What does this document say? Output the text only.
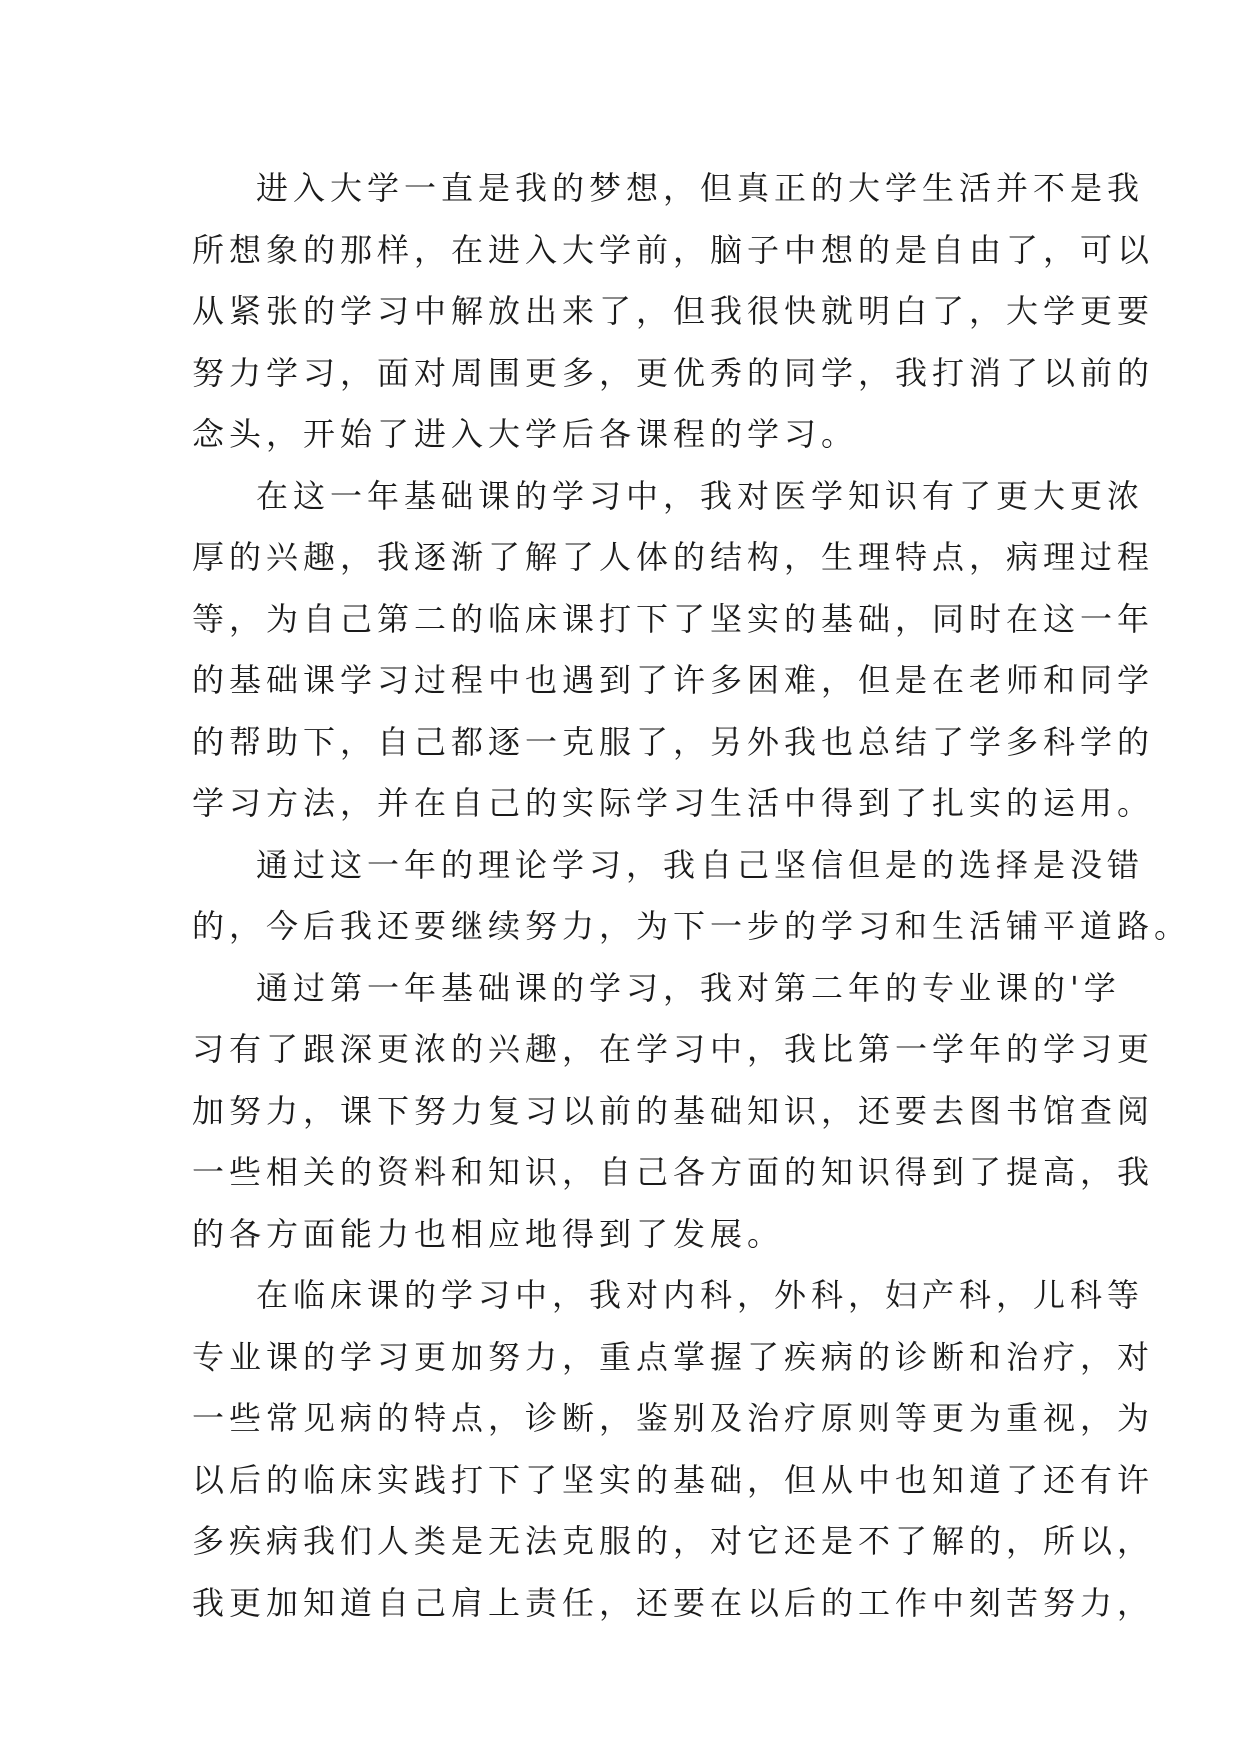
进入大学一直是我的梦想，但真正的大学生活并不是我
所想象的那样，在进入大学前，脑子中想的是自由了，可以
从紧张的学习中解放出来了，但我很快就明白了，大学更要
努力学习，面对周围更多，更优秀的同学，我打消了以前的
念头，开始了进入大学后各课程的学习。
在这一年基础课的学习中，我对医学知识有了更大更浓
厚的兴趣，我逐渐了解了人体的结构，生理特点，病理过程
等，为自己第二的临床课打下了坚实的基础，同时在这一年
的基础课学习过程中也遇到了许多困难，但是在老师和同学
的帮助下，自己都逐一克服了，另外我也总结了学多科学的
学习方法，并在自己的实际学习生活中得到了扎实的运用。
通过这一年的理论学习，我自己坚信但是的选择是没错
的，今后我还要继续努力，为下一步的学习和生活铺平道路。
通过第一年基础课的学习，我对第二年的专业课的'学
习有了跟深更浓的兴趣，在学习中，我比第一学年的学习更
加努力，课下努力复习以前的基础知识，还要去图书馆查阅
一些相关的资料和知识，自己各方面的知识得到了提高，我
的各方面能力也相应地得到了发展。
在临床课的学习中，我对内科，外科，妇产科，儿科等
专业课的学习更加努力，重点掌握了疾病的诊断和治疗，对
一些常见病的特点，诊断，鉴别及治疗原则等更为重视，为
以后的临床实践打下了坚实的基础，但从中也知道了还有许
多疾病我们人类是无法克服的，对它还是不了解的，所以，
我更加知道自己肩上责任，还要在以后的工作中刻苦努力，
